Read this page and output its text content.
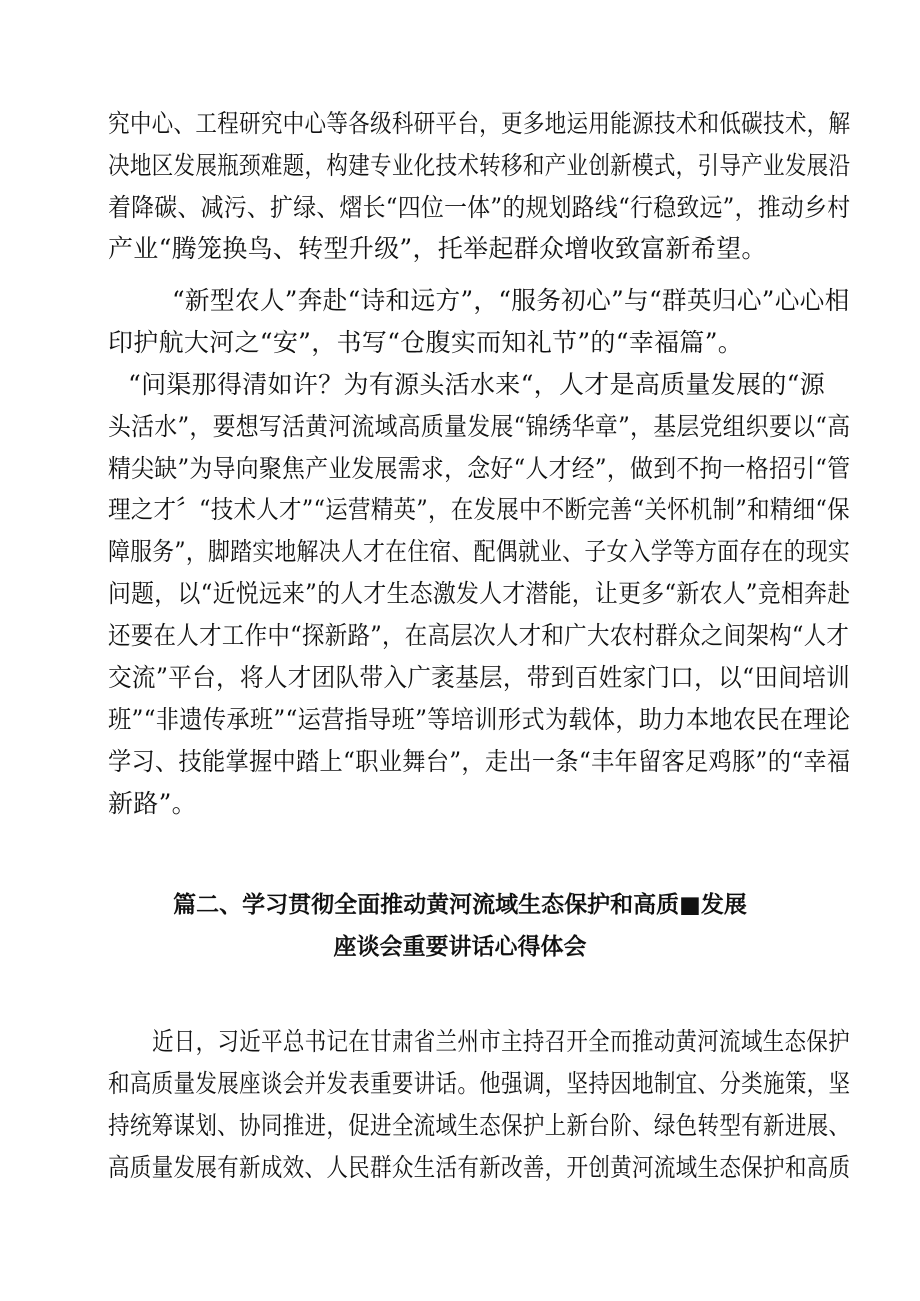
究中心、工程研究中心等各级科研平台，更多地运用能源技术和低碳技术，解
决地区发展瓶颈难题，构建专业化技术转移和产业创新模式，引导产业发展沿
着降碳、减污、扩绿、熠长“四位一体”的规划路线“行稳致远”，推动乡村
产业“腾笼换鸟、转型升级”，托举起群众增收致富新希望。
“新型农人”奔赴“诗和远方”，“服务初心”与“群英归心”心心相
印护航大河之“安”，书写“仓腹实而知礼节”的“幸福篇”。
“问渠那得清如许？为有源头活水来“，人才是高质量发展的“源
头活水”，要想写活黄河流域高质量发展“锦绣华章”，基层党组织要以“高
精尖缺”为导向聚焦产业发展需求，念好“人才经”，做到不拘一格招引“管
理之才〞“技术人才”“运营精英”，在发展中不断完善“关怀机制”和精细“保
障服务”，脚踏实地解决人才在住宿、配偶就业、子女入学等方面存在的现实
问题，以“近悦远来”的人才生态激发人才潜能，让更多“新农人”竞相奔赴
还要在人才工作中“探新路”，在高层次人才和广大农村群众之间架构“人才
交流”平台，将人才团队带入广袤基层，带到百姓家门口，以“田间培训
班”“非遗传承班”“运营指导班”等培训形式为载体，助力本地农民在理论
学习、技能掌握中踏上“职业舞台”，走出一条“丰年留客足鸡豚”的“幸福
新路”。
篇二、学习贯彻全面推动黄河流域生态保护和高质■发展
座谈会重要讲话心得体会
近日，习近平总书记在甘肃省兰州市主持召开全而推动黄河流域生态保护
和高质量发展座谈会并发表重要讲话。他强调，坚持因地制宜、分类施策，坚
持统筹谋划、协同推进，促进全流域生态保护上新台阶、绿色转型有新进展、
高质量发展有新成效、人民群众生活有新改善，开创黄河流域生态保护和高质
